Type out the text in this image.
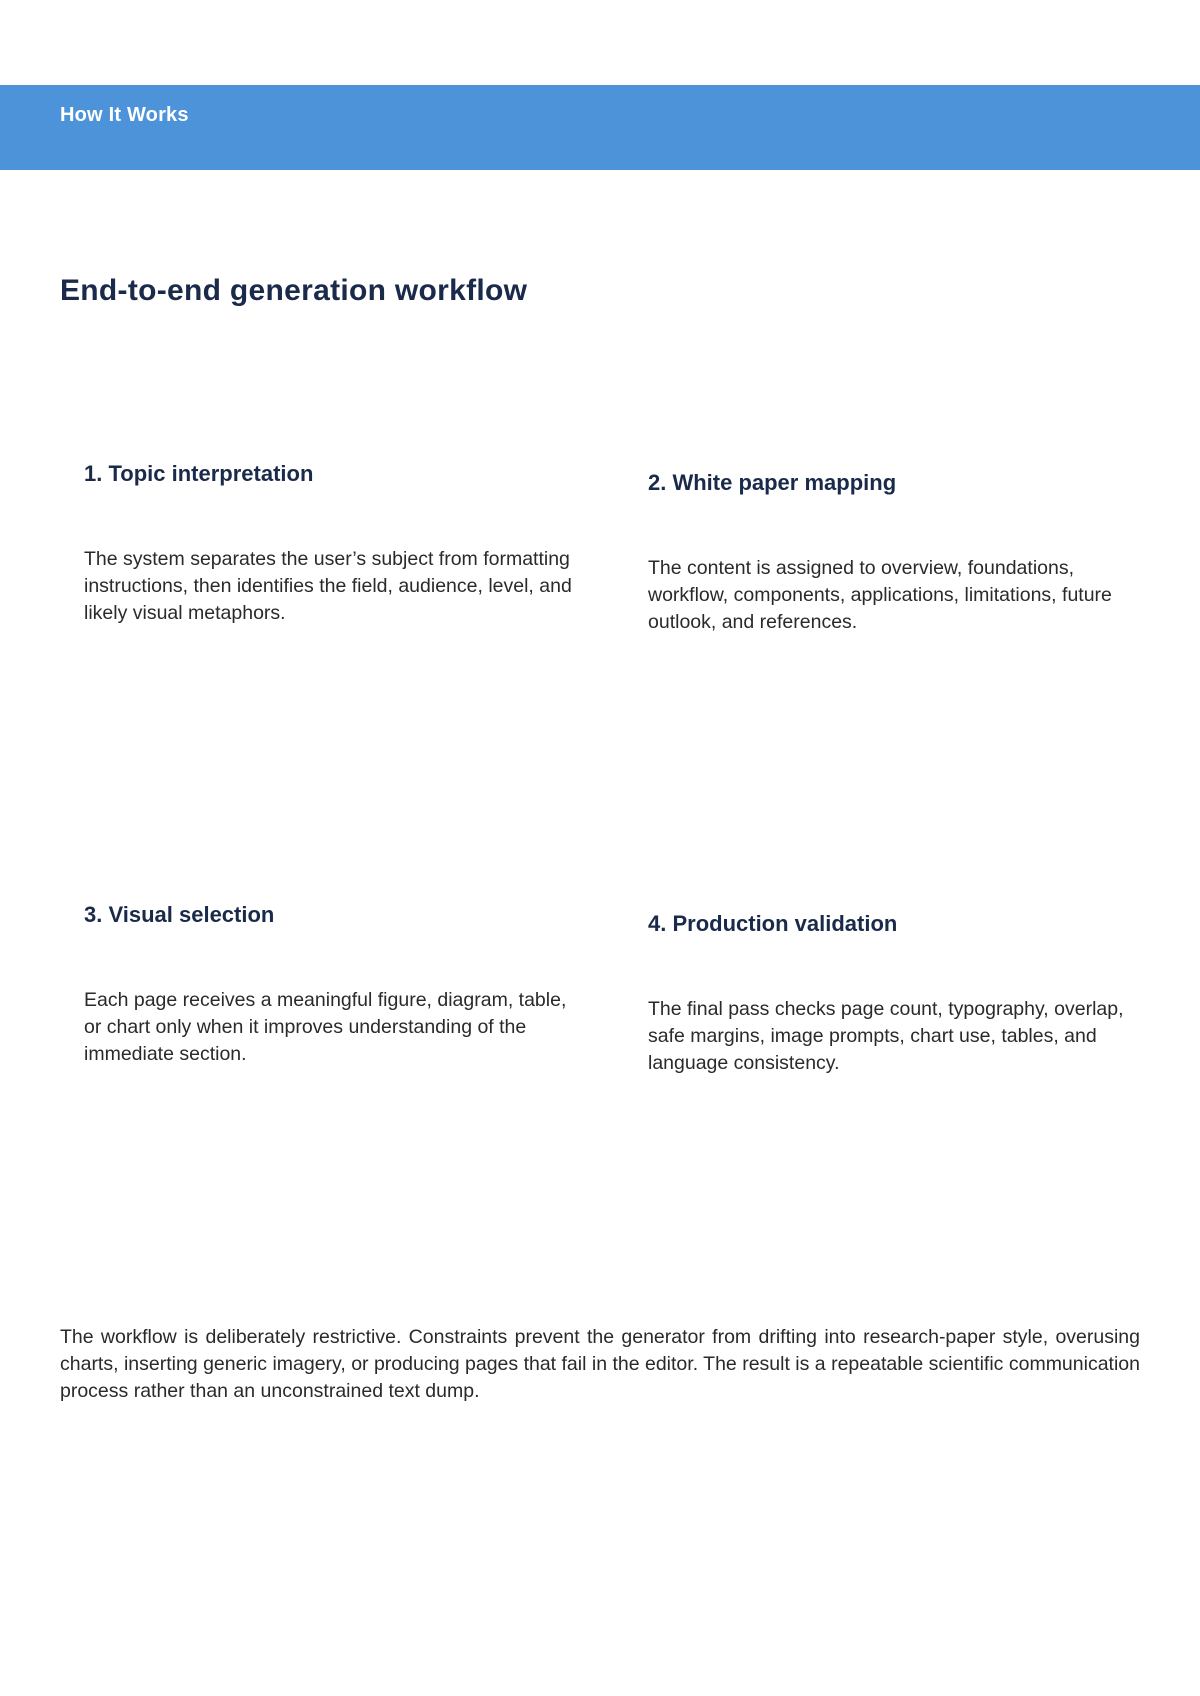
How It Works
End-to-end generation workflow
1. Topic interpretation

The system separates the user’s subject from formatting instructions, then identifies the field, audience, level, and likely visual metaphors.

2. White paper mapping

The content is assigned to overview, foundations, workflow, components, applications, limitations, future outlook, and references.

3. Visual selection

Each page receives a meaningful figure, diagram, table, or chart only when it improves understanding of the immediate section.

4. Production validation

The final pass checks page count, typography, overlap, safe margins, image prompts, chart use, tables, and language consistency.

The workflow is deliberately restrictive. Constraints prevent the generator from drifting into research-paper style, overusing charts, inserting generic imagery, or producing pages that fail in the editor. The result is a repeatable scientific communication process rather than an unconstrained text dump.
